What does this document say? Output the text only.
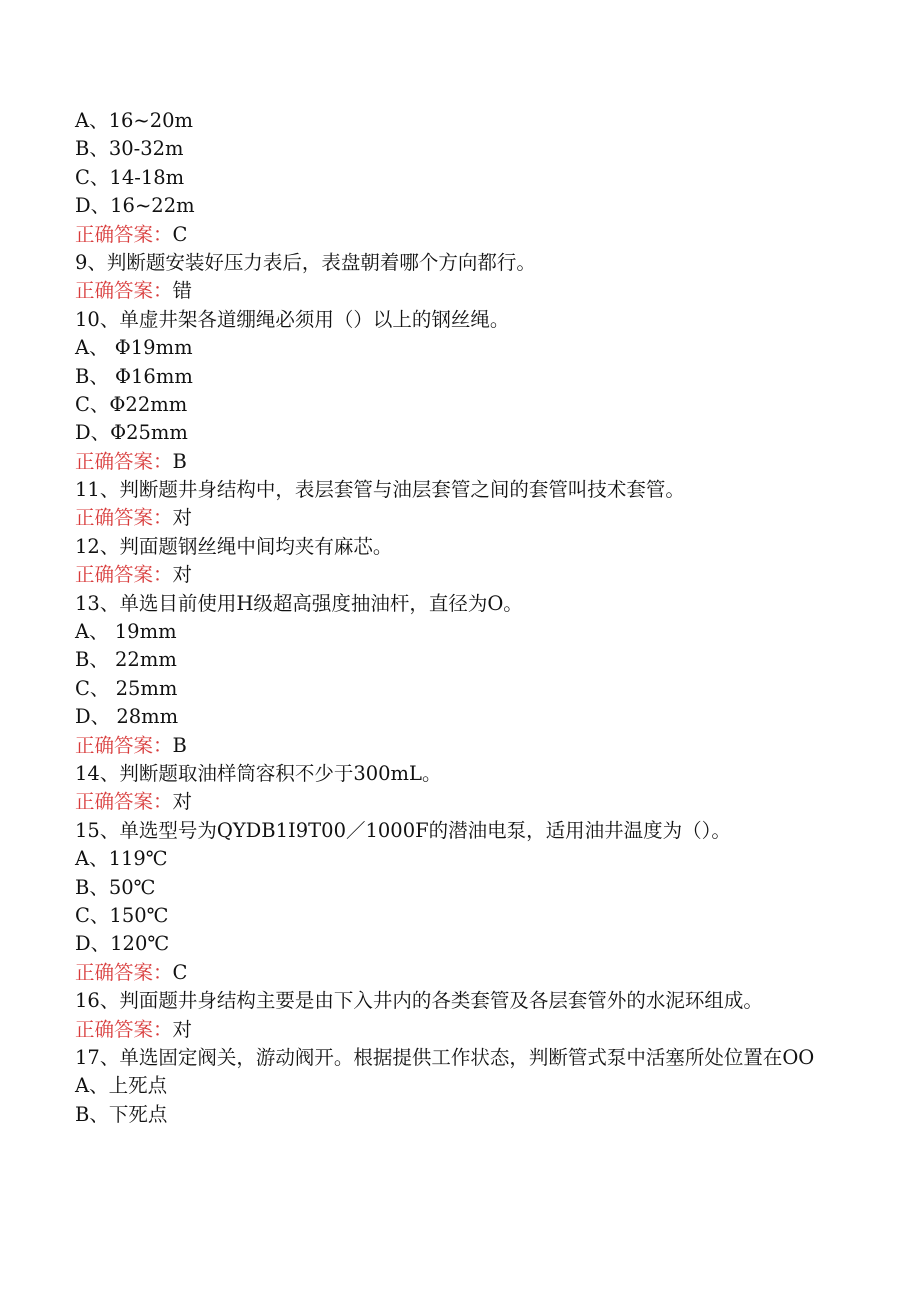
A、16~20m
B、30-32m
C、14-18m
D、16~22m
正确答案：C
9、判断题安装好压力表后，表盘朝着哪个方向都行。
正确答案：错
10、单虚井架各道绷绳必须用（）以上的钢丝绳。
A、 Φ19mm
B、 Φ16mm
C、Φ22mm
D、Φ25mm
正确答案：B
11、判断题井身结构中，表层套管与油层套管之间的套管叫技术套管。
正确答案：对
12、判面题钢丝绳中间均夹有麻芯。
正确答案：对
13、单选目前使用H级超高强度抽油杆，直径为O。
A、 19mm
B、 22mm
C、 25mm
D、 28mm
正确答案：B
14、判断题取油样筒容积不少于300mL。
正确答案：对
15、单选型号为QYDB1I9T00／1000F的潜油电泵，适用油井温度为（）。
A、119℃
B、50℃
C、150℃
D、120℃
正确答案：C
16、判面题井身结构主要是由下入井内的各类套管及各层套管外的水泥环组成。
正确答案：对
17、单选固定阀关，游动阀开。根据提供工作状态，判断管式泵中活塞所处位置在OO
A、上死点
B、下死点
